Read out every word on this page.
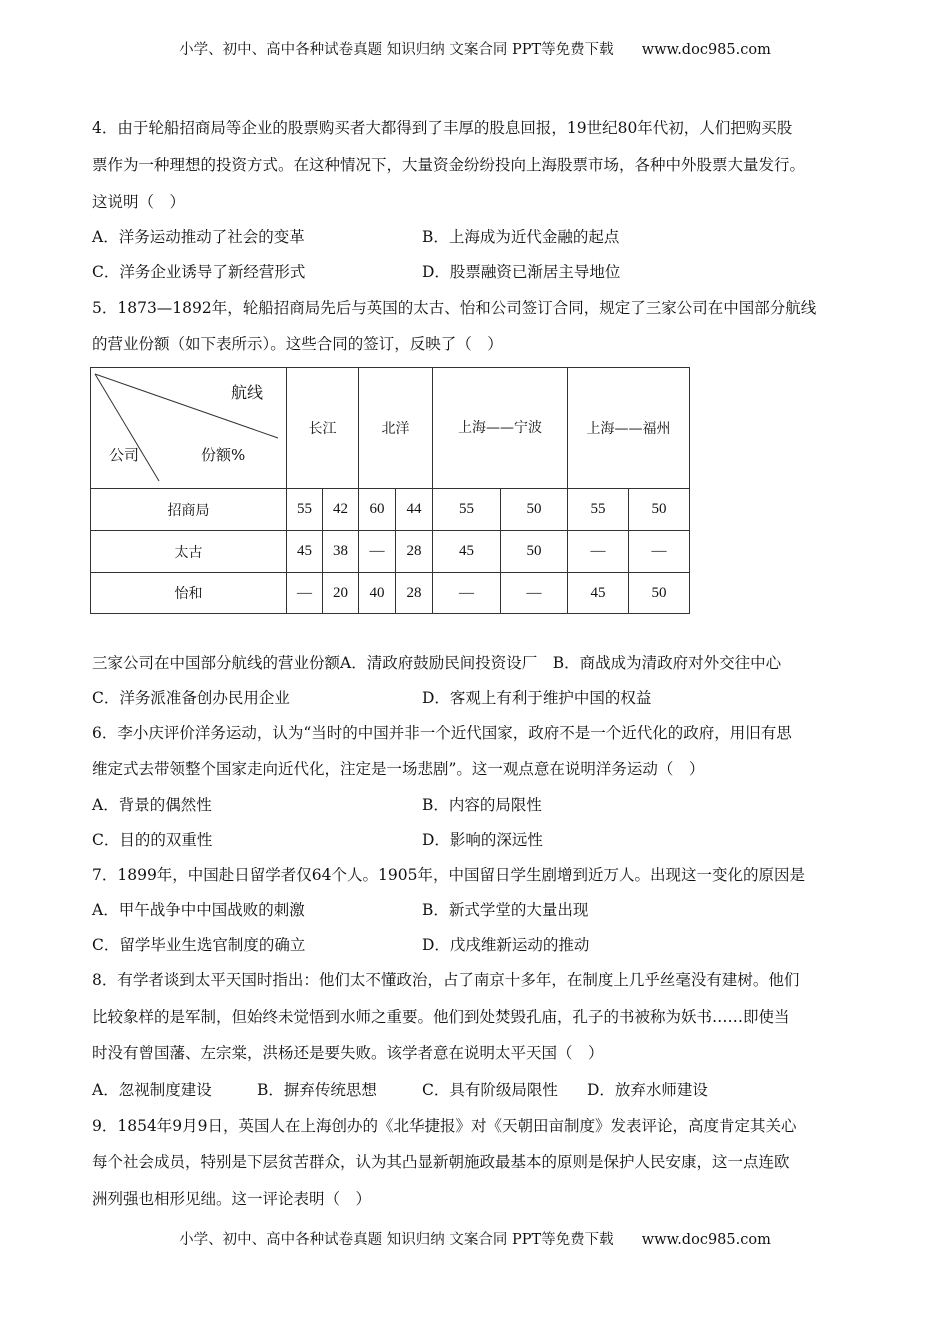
小学、初中、高中各种试卷真题 知识归纳 文案合同 PPT等免费下载 www.doc985.com
4．由于轮船招商局等企业的股票购买者大都得到了丰厚的股息回报，19世纪80年代初，人们把购买股
票作为一种理想的投资方式。在这种情况下，大量资金纷纷投向上海股票市场，各种中外股票大量发行。
这说明（　）
A．洋务运动推动了社会的变革	B．上海成为近代金融的起点
C．洋务企业诱导了新经营形式	D．股票融资已渐居主导地位
5．1873—1892年，轮船招商局先后与英国的太古、怡和公司签订合同，规定了三家公司在中国部分航线
的营业份额（如下表所示）。这些合同的签订，反映了（　）
航线
公司 份额%	长江		北洋		上海——宁波		上海——福州	
招商局	55	42	60	44	55	50	55	50
太古	45	38	—	28	45	50	—	—
怡和	—	20	40	28	—	—	45	50
三家公司在中国部分航线的营业份额A．清政府鼓励民间投资设厂　B．商战成为清政府对外交往中心
C．洋务派准备创办民用企业	D．客观上有利于维护中国的权益
6．李小庆评价洋务运动，认为“当时的中国并非一个近代国家，政府不是一个近代化的政府，用旧有思
维定式去带领整个国家走向近代化，注定是一场悲剧”。这一观点意在说明洋务运动（　）
A．背景的偶然性	B．内容的局限性
C．目的的双重性	D．影响的深远性
7．1899年，中国赴日留学者仅64个人。1905年，中国留日学生剧增到近万人。出现这一变化的原因是
A．甲午战争中中国战败的刺激	B．新式学堂的大量出现
C．留学毕业生选官制度的确立	D．戊戌维新运动的推动
8．有学者谈到太平天国时指出：他们太不懂政治，占了南京十多年，在制度上几乎丝毫没有建树。他们
比较象样的是军制，但始终未觉悟到水师之重要。他们到处焚毁孔庙，孔子的书被称为妖书……即使当
时没有曾国藩、左宗棠，洪杨还是要失败。该学者意在说明太平天国（　）
A．忽视制度建设	B．摒弃传统思想	C．具有阶级局限性 D．放弃水师建设
9．1854年9月9日，英国人在上海创办的《北华捷报》对《天朝田亩制度》发表评论，高度肯定其关心
每个社会成员，特别是下层贫苦群众，认为其凸显新朝施政最基本的原则是保护人民安康，这一点连欧
洲列强也相形见绌。这一评论表明（　）
小学、初中、高中各种试卷真题 知识归纳 文案合同 PPT等免费下载 www.doc985.com
